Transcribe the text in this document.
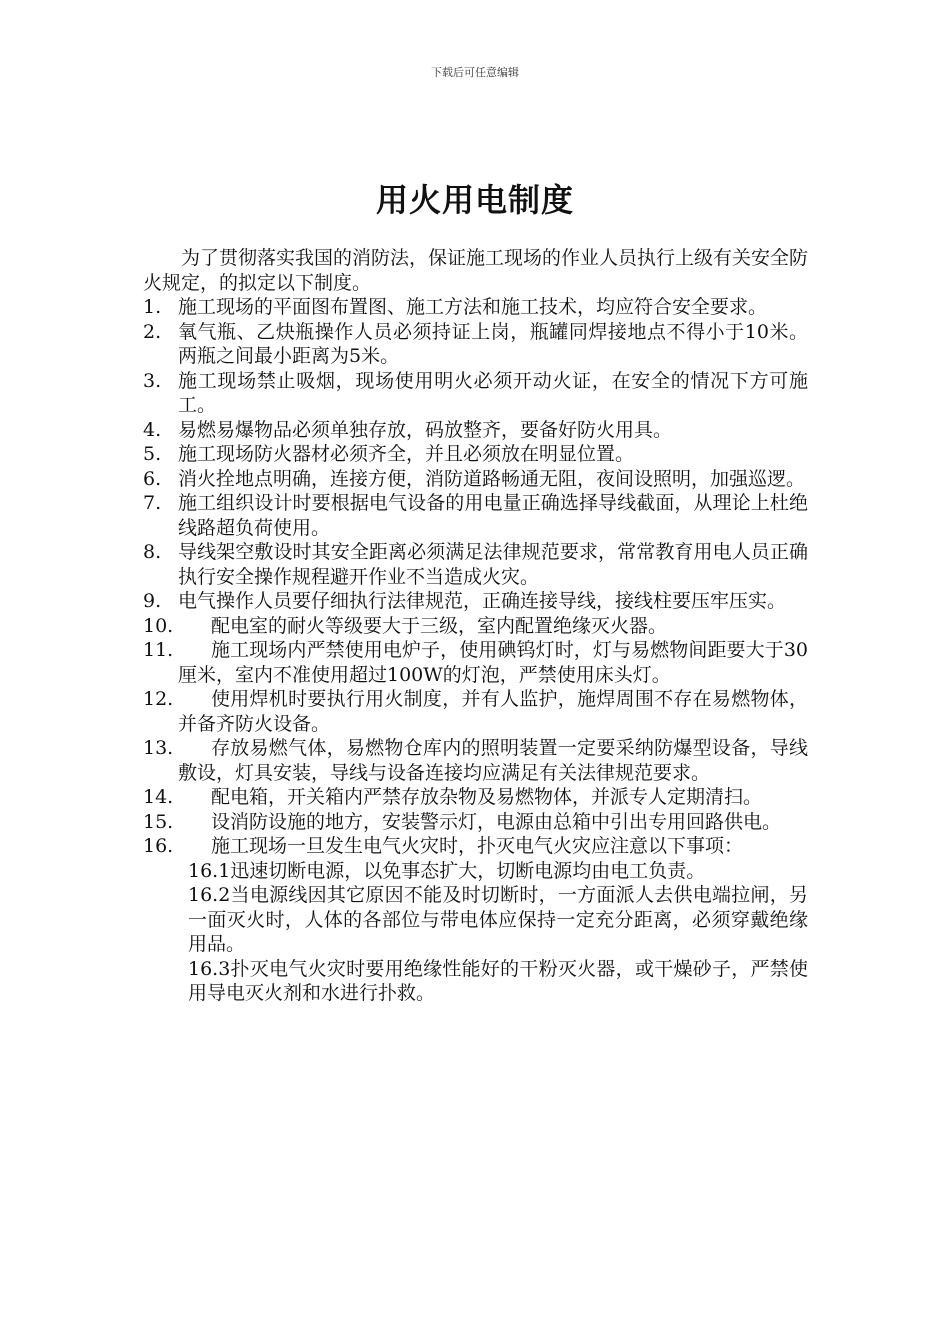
下载后可任意编辑
用火用电制度

为了贯彻落实我国的消防法，保证施工现场的作业人员执行上级有关安全防火规定，的拟定以下制度。

1. 施工现场的平面图布置图、施工方法和施工技术，均应符合安全要求。
2. 氧气瓶、乙炔瓶操作人员必须持证上岗，瓶罐同焊接地点不得小于10米。两瓶之间最小距离为5米。
3. 施工现场禁止吸烟，现场使用明火必须开动火证，在安全的情况下方可施工。
4. 易燃易爆物品必须单独存放，码放整齐，要备好防火用具。
5. 施工现场防火器材必须齐全，并且必须放在明显位置。
6. 消火拴地点明确，连接方便，消防道路畅通无阻，夜间设照明，加强巡逻。
7. 施工组织设计时要根据电气设备的用电量正确选择导线截面，从理论上杜绝线路超负荷使用。
8. 导线架空敷设时其安全距离必须满足法律规范要求，常常教育用电人员正确执行安全操作规程避开作业不当造成火灾。
9. 电气操作人员要仔细执行法律规范，正确连接导线，接线柱要压牢压实。
10. 配电室的耐火等级要大于三级，室内配置绝缘灭火器。
11. 施工现场内严禁使用电炉子，使用碘钨灯时，灯与易燃物间距要大于30厘米，室内不准使用超过100W的灯泡，严禁使用床头灯。
12. 使用焊机时要执行用火制度，并有人监护，施焊周围不存在易燃物体，并备齐防火设备。
13. 存放易燃气体，易燃物仓库内的照明装置一定要采纳防爆型设备，导线敷设，灯具安装，导线与设备连接均应满足有关法律规范要求。
14. 配电箱，开关箱内严禁存放杂物及易燃物体，并派专人定期清扫。
15. 设消防设施的地方，安装警示灯，电源由总箱中引出专用回路供电。
16. 施工现场一旦发生电气火灾时，扑灭电气火灾应注意以下事项：

16.1迅速切断电源，以免事态扩大，切断电源均由电工负责。

16.2当电源线因其它原因不能及时切断时，一方面派人去供电端拉闸，另一面灭火时，人体的各部位与带电体应保持一定充分距离，必须穿戴绝缘用品。

16.3扑灭电气火灾时要用绝缘性能好的干粉灭火器，或干燥砂子，严禁使用导电灭火剂和水进行扑救。
